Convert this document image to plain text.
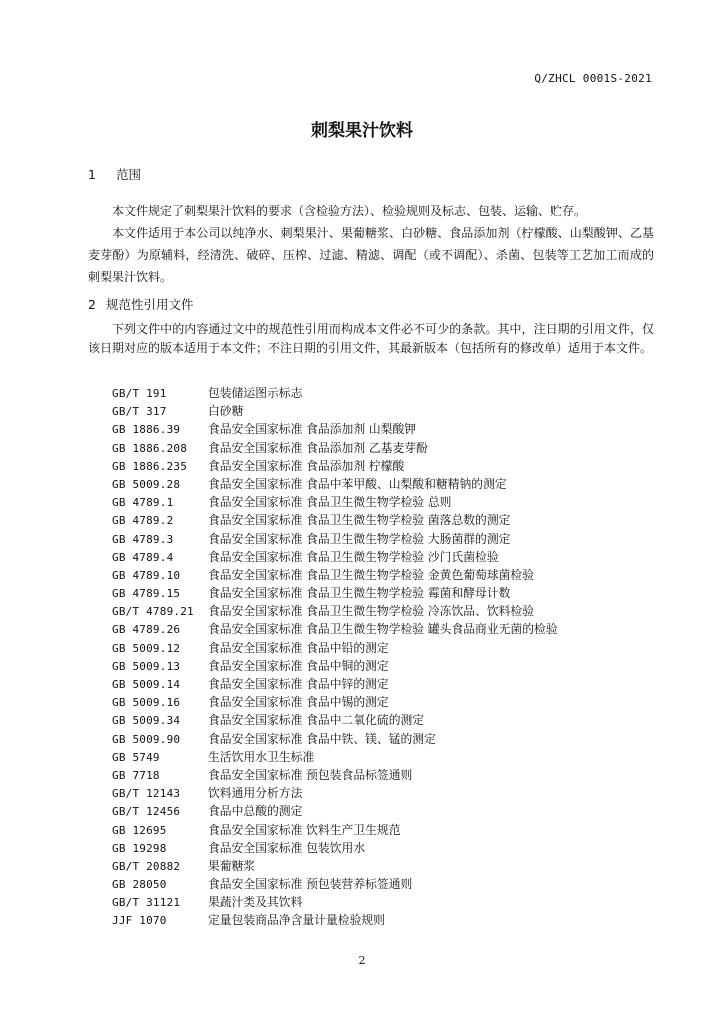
Q/ZHCL 0001S-2021
刺梨果汁饮料
1 范围
本文件规定了刺梨果汁饮料的要求（含检验方法）、检验规则及标志、包装、运输、贮存。
本文件适用于本公司以纯净水、刺梨果汁、果葡糖浆、白砂糖、食品添加剂（柠檬酸、山梨酸钾、乙基麦芽酚）为原辅料，经清洗、破碎、压榨、过滤、精滤、调配（或不调配）、杀菌、包装等工艺加工而成的刺梨果汁饮料。
2 规范性引用文件
下列文件中的内容通过文中的规范性引用而构成本文件必不可少的条款。其中，注日期的引用文件，仅该日期对应的版本适用于本文件；不注日期的引用文件，其最新版本（包括所有的修改单）适用于本文件。
GB/T 191	包装储运图示标志
GB/T 317	白砂糖
GB 1886.39 食品安全国家标准 食品添加剂 山梨酸钾
GB 1886.208 食品安全国家标准 食品添加剂 乙基麦芽酚
GB 1886.235 食品安全国家标准 食品添加剂 柠檬酸
GB 5009.28 食品安全国家标准 食品中苯甲酸、山梨酸和糖精钠的测定
GB 4789.1	食品安全国家标准 食品卫生微生物学检验 总则
GB 4789.2	食品安全国家标准 食品卫生微生物学检验 菌落总数的测定
GB 4789.3	食品安全国家标准 食品卫生微生物学检验 大肠菌群的测定
GB 4789.4	食品安全国家标准 食品卫生微生物学检验 沙门氏菌检验
GB 4789.10 食品安全国家标准 食品卫生微生物学检验 金黄色葡萄球菌检验
GB 4789.15 食品安全国家标准 食品卫生微生物学检验 霉菌和酵母计数
GB/T 4789.21 食品安全国家标准 食品卫生微生物学检验 冷冻饮品、饮料检验
GB 4789.26 食品安全国家标准 食品卫生微生物学检验 罐头食品商业无菌的检验
GB 5009.12 食品安全国家标准 食品中铅的测定
GB 5009.13 食品安全国家标准 食品中铜的测定
GB 5009.14 食品安全国家标准 食品中锌的测定
GB 5009.16 食品安全国家标准 食品中锡的测定
GB 5009.34 食品安全国家标准 食品中二氧化硫的测定
GB 5009.90 食品安全国家标准 食品中铁、镁、锰的测定
GB 5749	生活饮用水卫生标准
GB 7718	食品安全国家标准 预包装食品标签通则
GB/T 12143 饮料通用分析方法
GB/T 12456 食品中总酸的测定
GB 12695	食品安全国家标准 饮料生产卫生规范
GB 19298	食品安全国家标准 包装饮用水
GB/T 20882 果葡糖浆
GB 28050	食品安全国家标准 预包装营养标签通则
GB/T 31121 果蔬汁类及其饮料
JJF 1070	定量包装商品净含量计量检验规则
2
